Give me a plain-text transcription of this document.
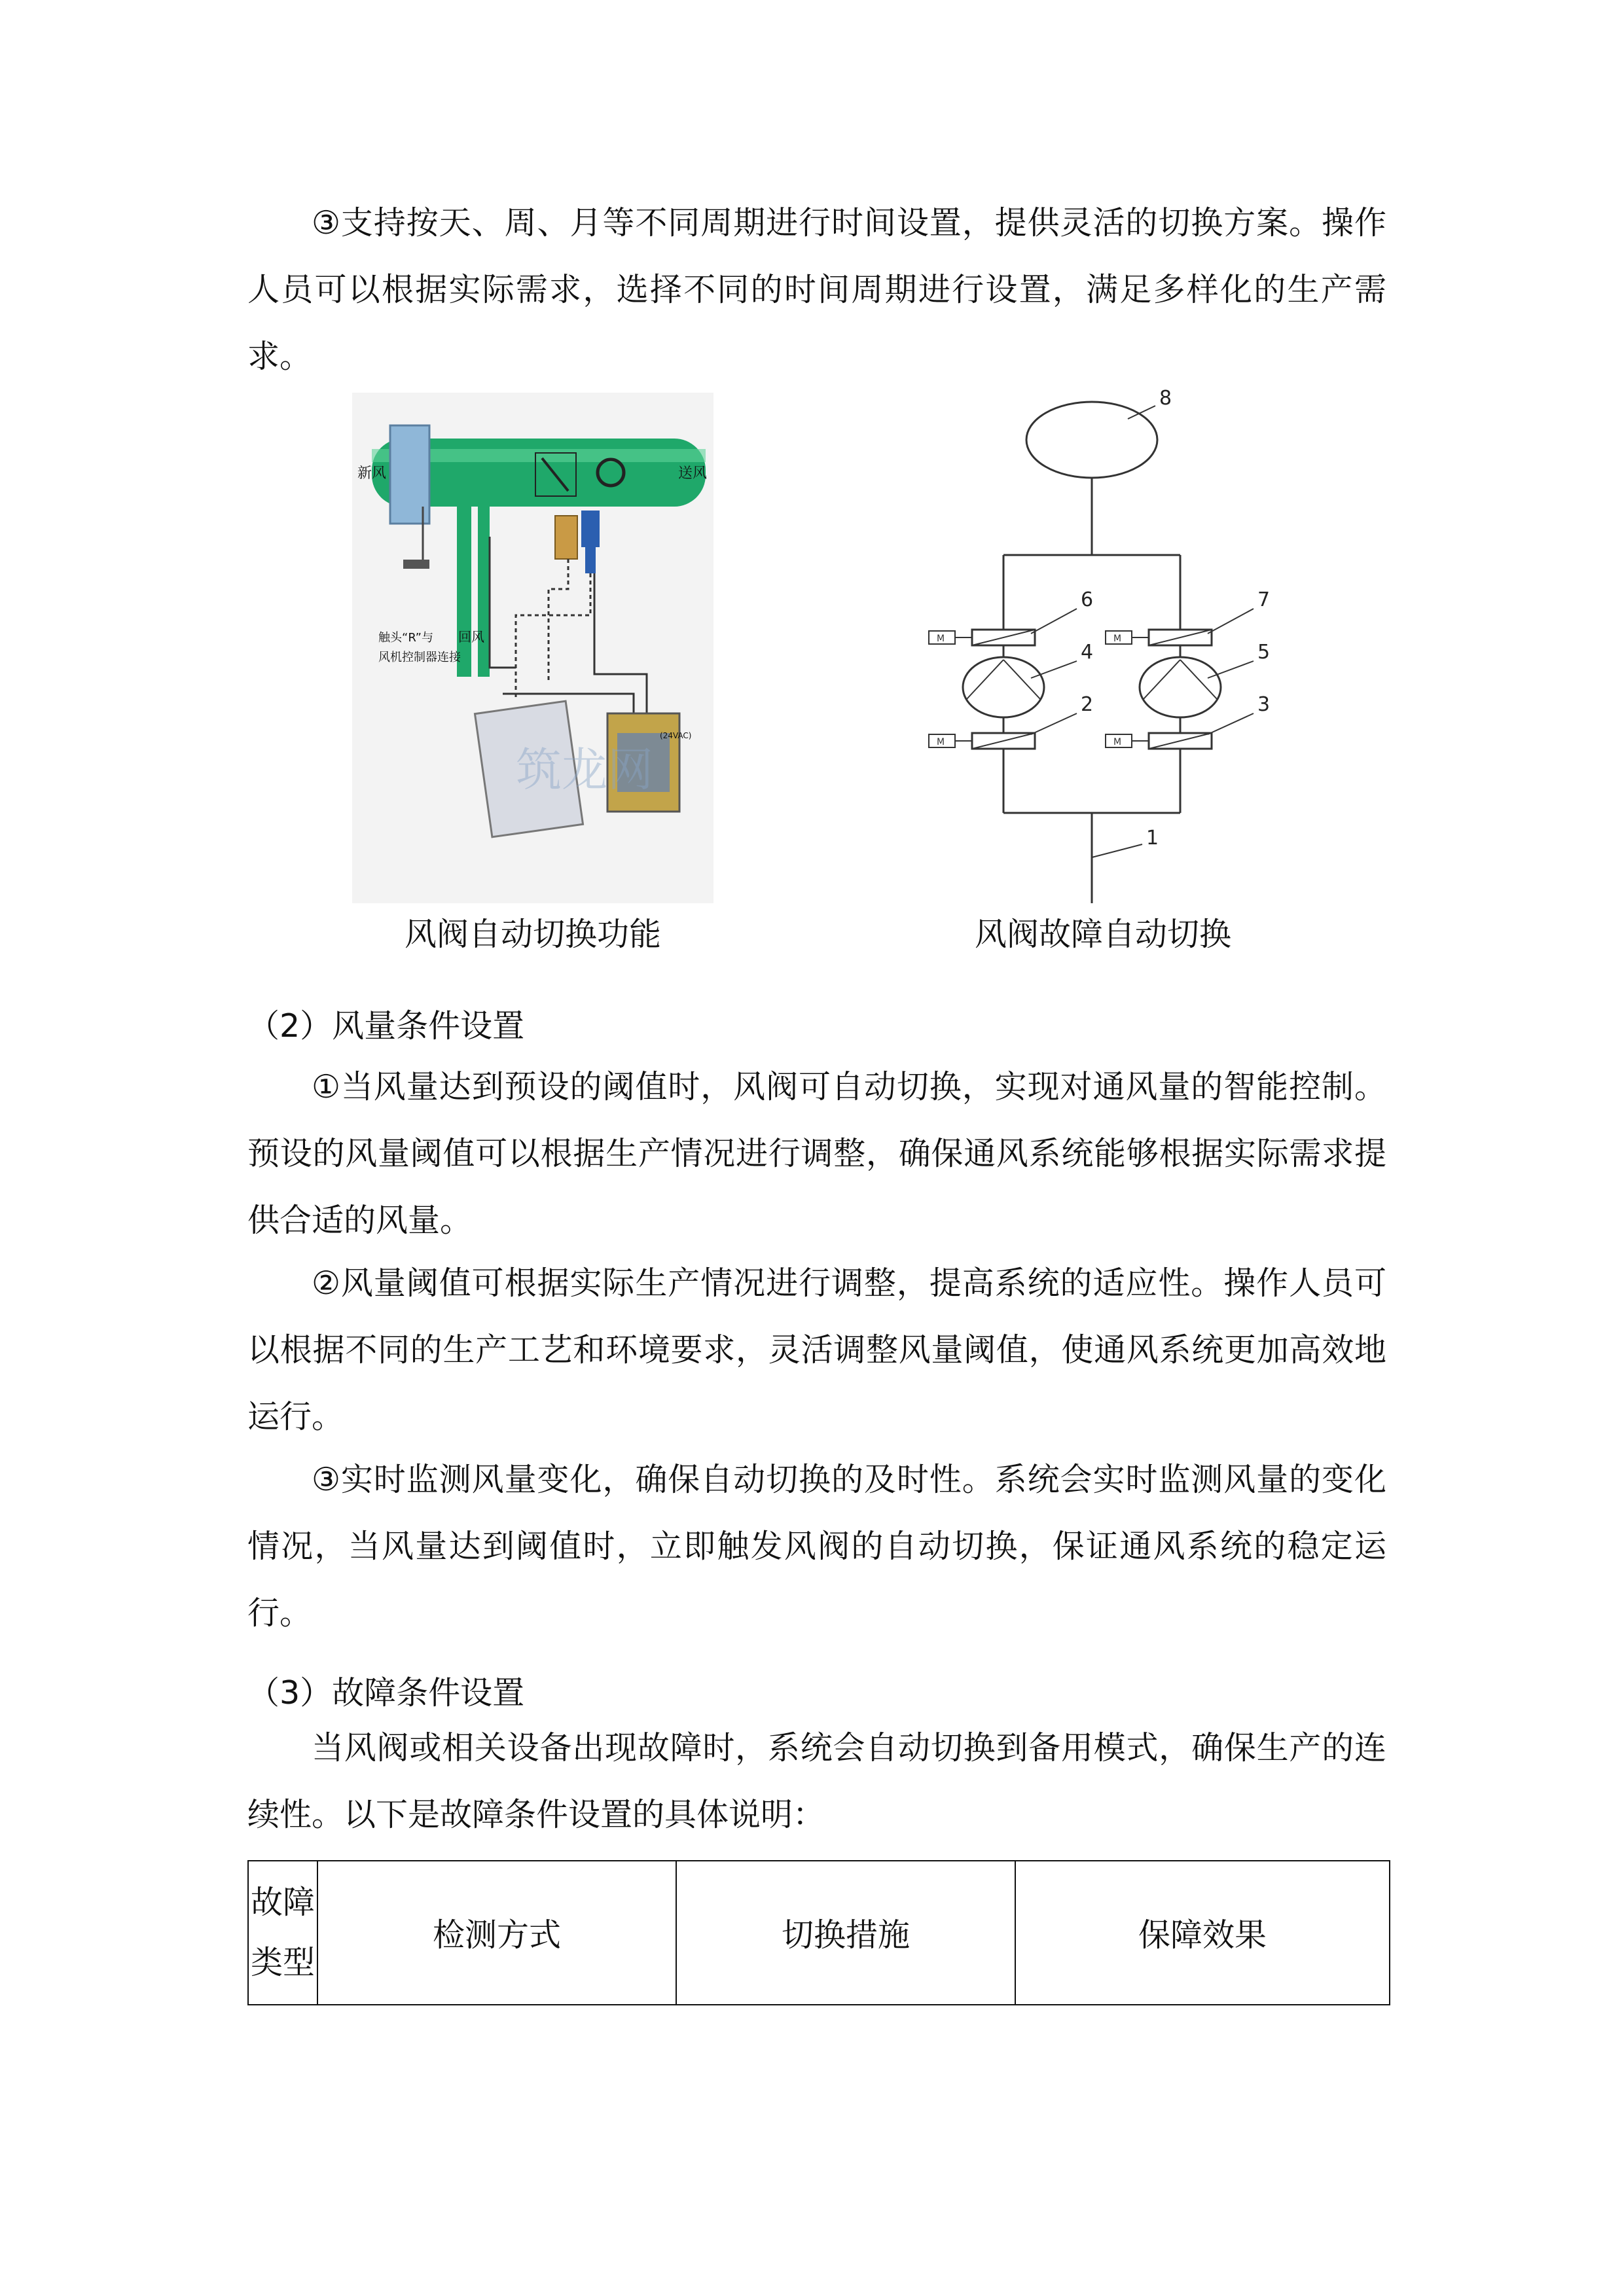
③支持按天、周、月等不同周期进行时间设置，提供灵活的切换方案。操作人员可以根据实际需求，选择不同的时间周期进行设置，满足多样化的生产需求。

筑龙网
新风	送风
回风
触头“R”与
风机控制器连接
(24VAC)
M	M
M	M
8
6	7
4	5
2	3
1

风阀自动切换功能	风阀故障自动切换

（2）风量条件设置

①当风量达到预设的阈值时，风阀可自动切换，实现对通风量的智能控制。预设的风量阈值可以根据生产情况进行调整，确保通风系统能够根据实际需求提供合适的风量。

②风量阈值可根据实际生产情况进行调整，提高系统的适应性。操作人员可以根据不同的生产工艺和环境要求，灵活调整风量阈值，使通风系统更加高效地运行。

③实时监测风量变化，确保自动切换的及时性。系统会实时监测风量的变化情况，当风量达到阈值时，立即触发风阀的自动切换，保证通风系统的稳定运行。

（3）故障条件设置

当风阀或相关设备出现故障时，系统会自动切换到备用模式，确保生产的连续性。以下是故障条件设置的具体说明：

故障类型	检测方式	切换措施	保障效果
